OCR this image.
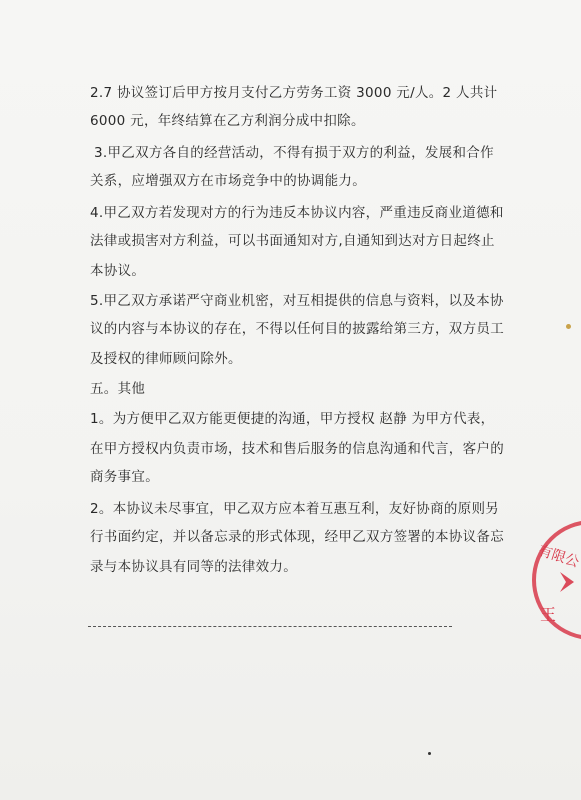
2.7 协议签订后甲方按月支付乙方劳务工资 3000 元/人。2 人共计
6000 元，年终结算在乙方利润分成中扣除。
3.甲乙双方各自的经营活动，不得有损于双方的利益，发展和合作
关系，应增强双方在市场竞争中的协调能力。
4.甲乙双方若发现对方的行为违反本协议内容，严重违反商业道德和
法律或损害对方利益，可以书面通知对方,自通知到达对方日起终止
本协议。
5.甲乙双方承诺严守商业机密，对互相提供的信息与资料，以及本协
议的内容与本协议的存在，不得以任何目的披露给第三方，双方员工
及授权的律师顾问除外。
五。其他
1。为方便甲乙双方能更便捷的沟通，甲方授权 赵静 为甲方代表，
在甲方授权内负责市场，技术和售后服务的信息沟通和代言，客户的
商务事宜。
2。本协议未尽事宜，甲乙双方应本着互惠互利，友好协商的原则另
行书面约定，并以备忘录的形式体现，经甲乙双方签署的本协议备忘
录与本协议具有同等的法律效力。	有限公
王
